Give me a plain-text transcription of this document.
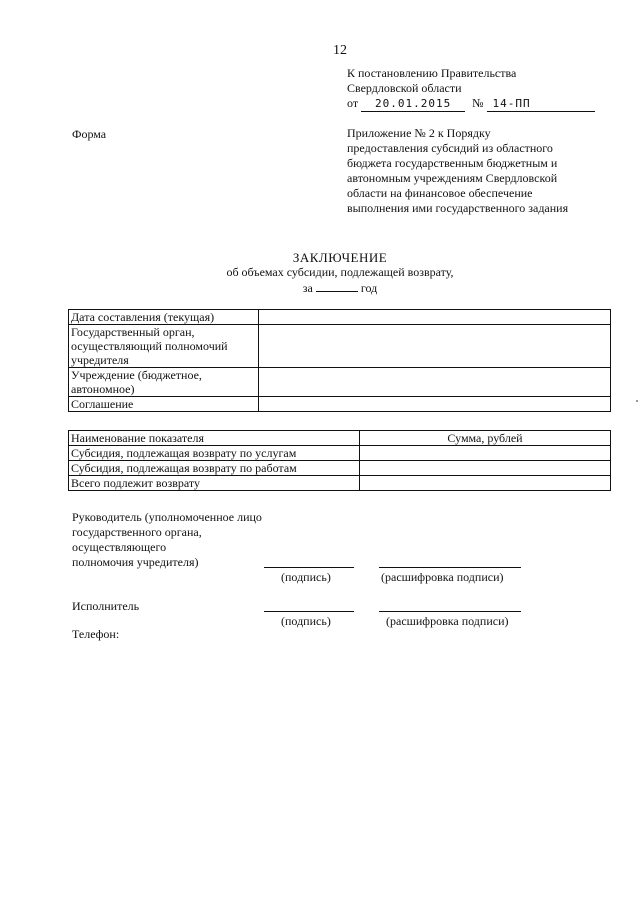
12
К постановлению Правительства
Свердловской области
от 20.01.2015 № 14-ПП
Форма	Приложение № 2 к Порядку
предоставления субсидий из областного
бюджета государственным бюджетным и
автономным учреждениям Свердловской
области на финансовое обеспечение
выполнения ими государственного задания
ЗАКЛЮЧЕНИЕ
об объемах субсидии, подлежащей возврату,
за	год
Дата составления (текущая)	
Государственный орган, осуществляющий полномочий учредителя	
Учреждение (бюджетное, автономное)	
Соглашение	
Наименование показателя	Сумма, рублей
Субсидия, подлежащая возврату по услугам	
Субсидия, подлежащая возврату по работам	
Всего подлежит возврату	
Руководитель (уполномоченное лицо
государственного органа,
осуществляющего
полномочия учредителя)
(подпись)	(расшифровка подписи)
Исполнитель
(подпись)	(расшифровка подписи)
Телефон:
